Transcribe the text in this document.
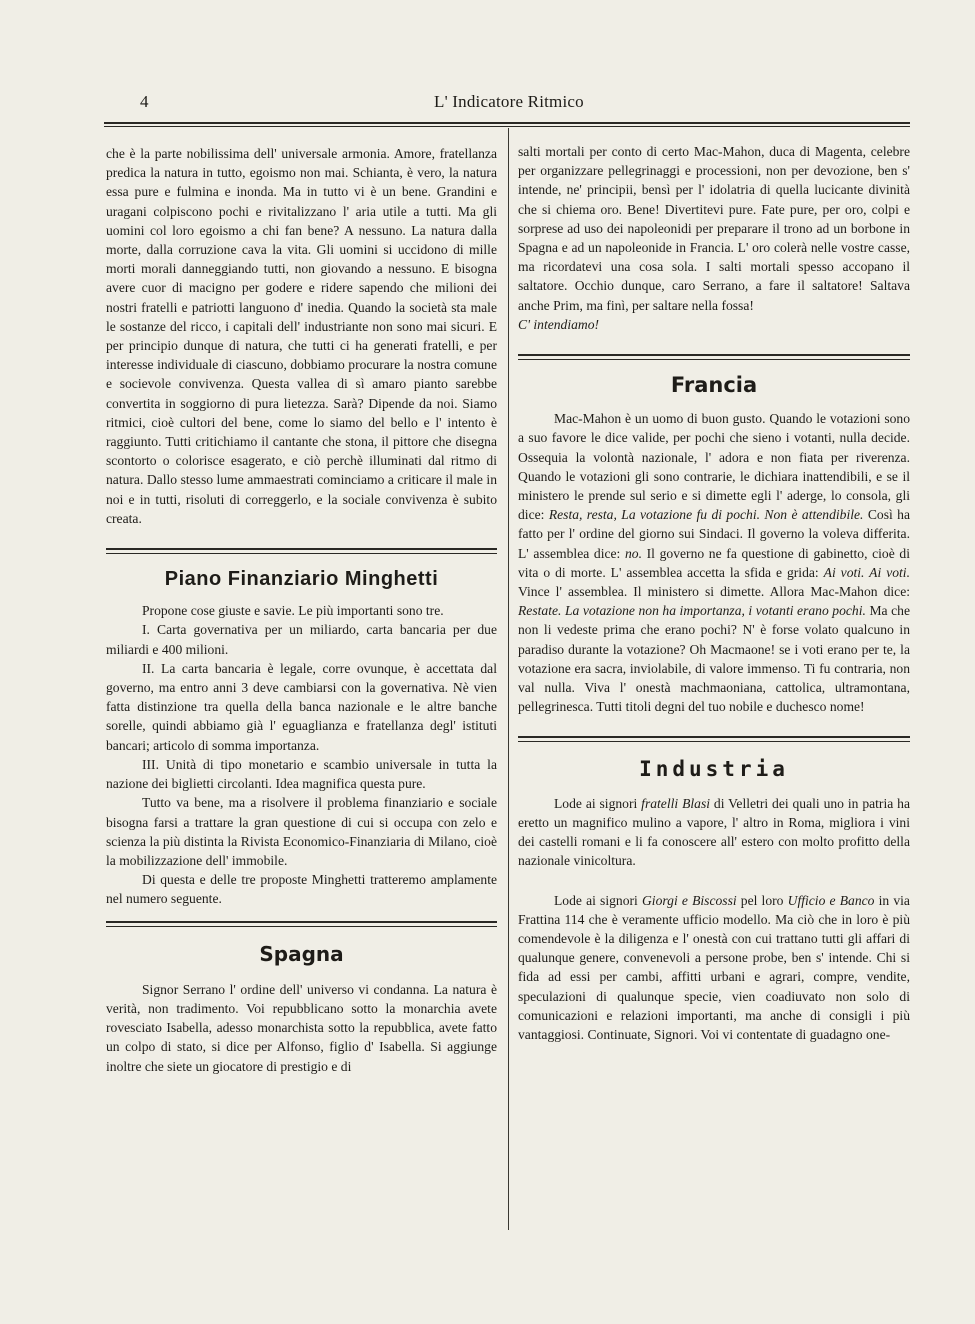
4	L' Indicatore Ritmico

che è la parte nobilissima dell' universale armonia. Amore, fratellanza predica la natura in tutto, egoismo non mai. Schianta, è vero, la natura essa pure e fulmina e inonda. Ma in tutto vi è un bene. Grandini e uragani colpiscono pochi e rivitalizzano l' aria utile a tutti. Ma gli uomini col loro egoismo a chi fan bene? A nessuno. La natura dalla morte, dalla corruzione cava la vita. Gli uomini si uccidono di mille morti morali danneggiando tutti, non giovando a nessuno. E bisogna avere cuor di macigno per godere e ridere sapendo che milioni dei nostri fratelli e patriotti languono d' inedia. Quando la società sta male le sostanze del ricco, i capitali dell' industriante non sono mai sicuri. E per principio dunque di natura, che tutti ci ha generati fratelli, e per interesse individuale di ciascuno, dobbiamo procurare la nostra comune e socievole convivenza. Questa vallea di sì amaro pianto sarebbe convertita in soggiorno di pura lietezza. Sarà? Dipende da noi. Siamo ritmici, cioè cultori del bene, come lo siamo del bello e l' intento è raggiunto. Tutti critichiamo il cantante che stona, il pittore che disegna scontorto o colorisce esagerato, e ciò perchè illuminati dal ritmo di natura. Dallo stesso lume ammaestrati cominciamo a criticare il male in noi e in tutti, risoluti di correggerlo, e la sociale convivenza è subito creata.

Piano Finanziario Minghetti

Propone cose giuste e savie. Le più importanti sono tre.

I. Carta governativa per un miliardo, carta bancaria per due miliardi e 400 milioni.

II. La carta bancaria è legale, corre ovunque, è accettata dal governo, ma entro anni 3 deve cambiarsi con la governativa. Nè vien fatta distinzione tra quella della banca nazionale e le altre banche sorelle, quindi abbiamo già l' eguaglianza e fratellanza degl' istituti bancari; articolo di somma importanza.

III. Unità di tipo monetario e scambio universale in tutta la nazione dei biglietti circolanti. Idea magnifica questa pure.

Tutto va bene, ma a risolvere il problema finanziario e sociale bisogna farsi a trattare la gran questione di cui si occupa con zelo e scienza la più distinta la Rivista Economico-Finanziaria di Milano, cioè la mobilizzazione dell' immobile.

Di questa e delle tre proposte Minghetti tratteremo amplamente nel numero seguente.

Spagna

Signor Serrano l' ordine dell' universo vi condanna. La natura è verità, non tradimento. Voi repubblicano sotto la monarchia avete rovesciato Isabella, adesso monarchista sotto la repubblica, avete fatto un colpo di stato, si dice per Alfonso, figlio d' Isabella. Si aggiunge inoltre che siete un giocatore di prestigio e di

salti mortali per conto di certo Mac-Mahon, duca di Magenta, celebre per organizzare pellegrinaggi e processioni, non per devozione, ben s' intende, ne' principii, bensì per l' idolatria di quella lucicante divinità che si chiema oro. Bene! Divertitevi pure. Fate pure, per oro, colpi e sorprese ad uso dei napoleonidi per preparare il trono ad un borbone in Spagna e ad un napoleonide in Francia. L' oro colerà nelle vostre casse, ma ricordatevi una cosa sola. I salti mortali spesso accopano il saltatore. Occhio dunque, caro Serrano, a fare il saltatore! Saltava anche Prim, ma finì, per saltare nella fossa!

C' intendiamo!

Francia

Mac-Mahon è un uomo di buon gusto. Quando le votazioni sono a suo favore le dice valide, per pochi che sieno i votanti, nulla decide. Ossequia la volontà nazionale, l' adora e non fiata per riverenza. Quando le votazioni gli sono contrarie, le dichiara inattendibili, e se il ministero le prende sul serio e si dimette egli l' aderge, lo consola, gli dice: Resta, resta, La votazione fu di pochi. Non è attendibile. Così ha fatto per l' ordine del giorno sui Sindaci. Il governo la voleva differita. L' assemblea dice: no. Il governo ne fa questione di gabinetto, cioè di vita o di morte. L' assemblea accetta la sfida e grida: Ai voti. Ai voti. Vince l' assemblea. Il ministero si dimette. Allora Mac-Mahon dice: Restate. La votazione non ha importanza, i votanti erano pochi. Ma che non li vedeste prima che erano pochi? N' è forse volato qualcuno in paradiso durante la votazione? Oh Macmaone! se i voti erano per te, la votazione era sacra, inviolabile, di valore immenso. Ti fu contraria, non val nulla. Viva l' onestà machmaoniana, cattolica, ultramontana, pellegrinesca. Tutti titoli degni del tuo nobile e duchesco nome!

Industria

Lode ai signori fratelli Blasi di Velletri dei quali uno in patria ha eretto un magnifico mulino a vapore, l' altro in Roma, migliora i vini dei castelli romani e li fa conoscere all' estero con molto profitto della nazionale vinicoltura.

Lode ai signori Giorgi e Biscossi pel loro Ufficio e Banco in via Frattina 114 che è veramente ufficio modello. Ma ciò che in loro è più comendevole è la diligenza e l' onestà con cui trattano tutti gli affari di qualunque genere, convenevoli a persone probe, ben s' intende. Chi si fida ad essi per cambi, affitti urbani e agrari, compre, vendite, speculazioni di qualunque specie, vien coadiuvato non solo di comunicazioni e relazioni importanti, ma anche di consigli i più vantaggiosi. Continuate, Signori. Voi vi contentate di guadagno one-
